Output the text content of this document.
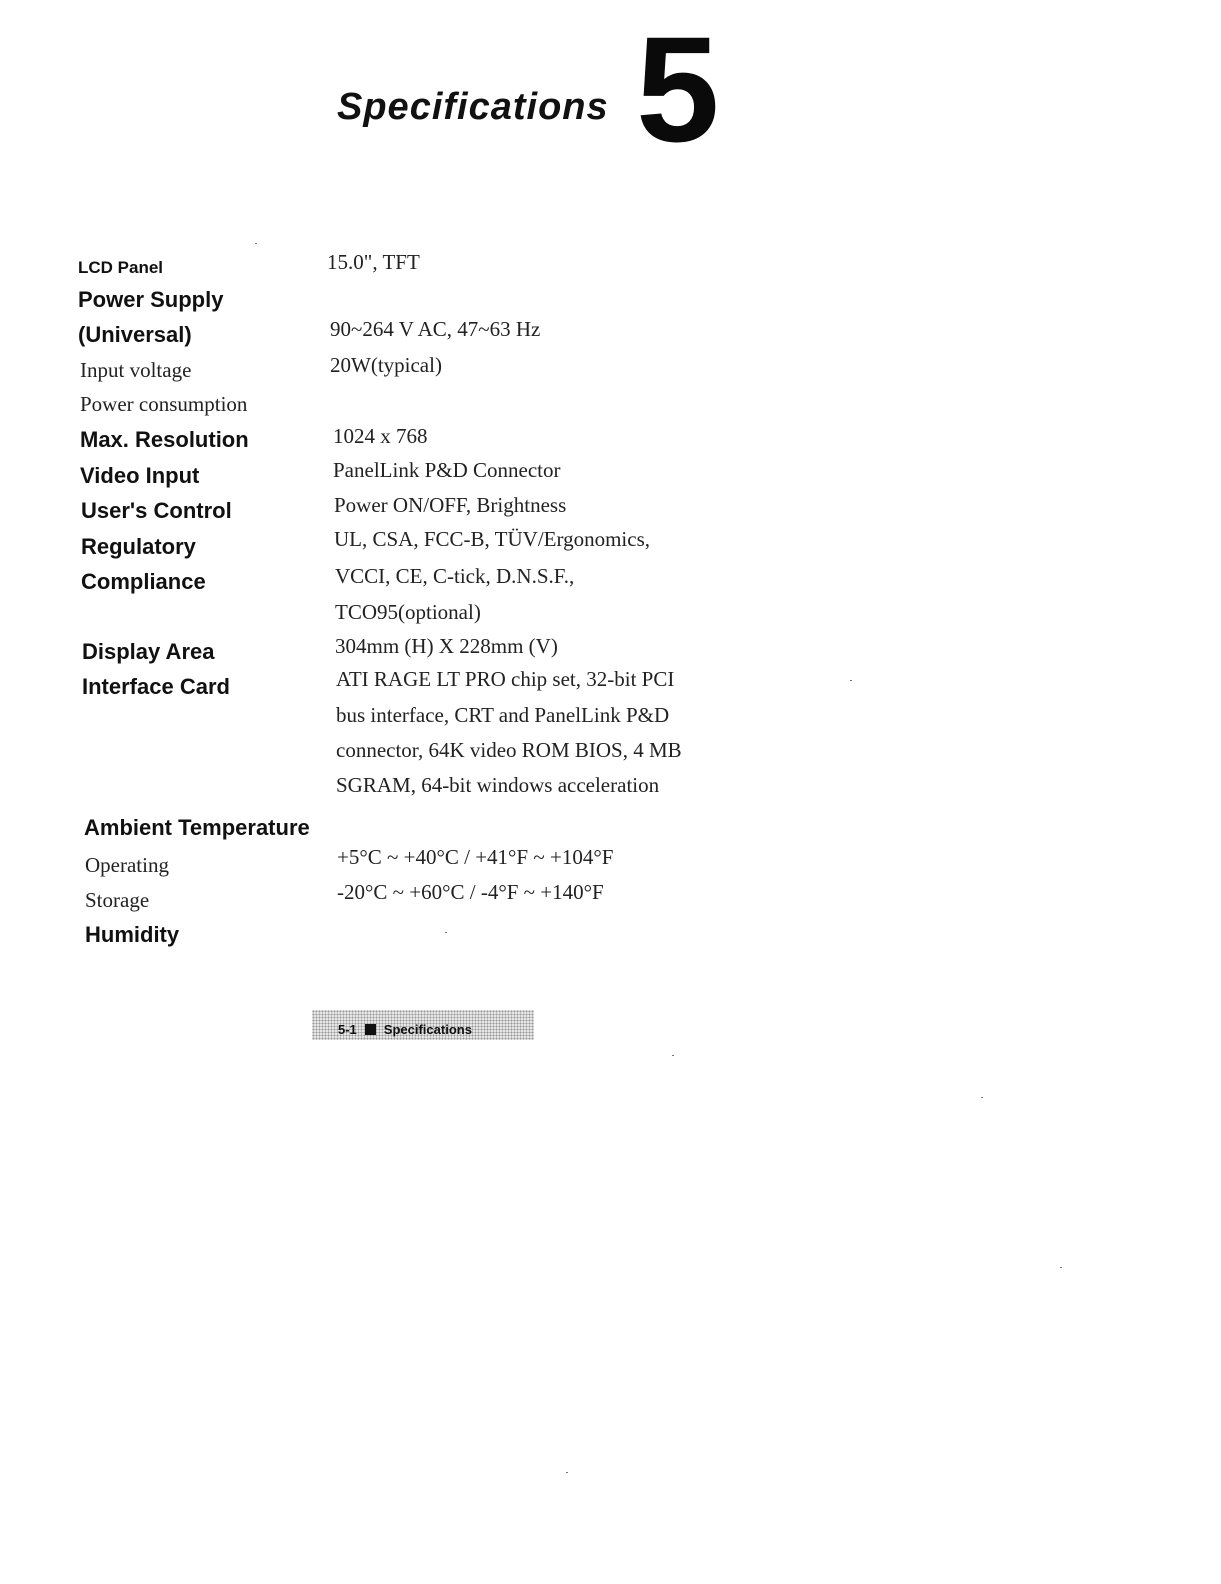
Specifications 5
LCD Panel
Power Supply
(Universal)
Input voltage
Power consumption
Max. Resolution
Video Input
User's Control
Regulatory
Compliance
Display Area
Interface Card
Ambient Temperature
Operating
Storage
Humidity
15.0", TFT
90~264 V AC, 47~63 Hz
20W(typical)
1024 x 768
PanelLink P&D Connector
Power ON/OFF, Brightness
UL, CSA, FCC-B, TÜV/Ergonomics,
VCCI, CE, C-tick, D.N.S.F.,
TCO95(optional)
304mm (H) X 228mm (V)
ATI RAGE LT PRO chip set, 32-bit PCI
bus interface, CRT and PanelLink P&D
connector, 64K video ROM BIOS, 4 MB
SGRAM, 64-bit windows acceleration
+5°C ~ +40°C / +41°F ~ +104°F
-20°C ~ +60°C / -4°F ~ +140°F
5-1 Specifications
